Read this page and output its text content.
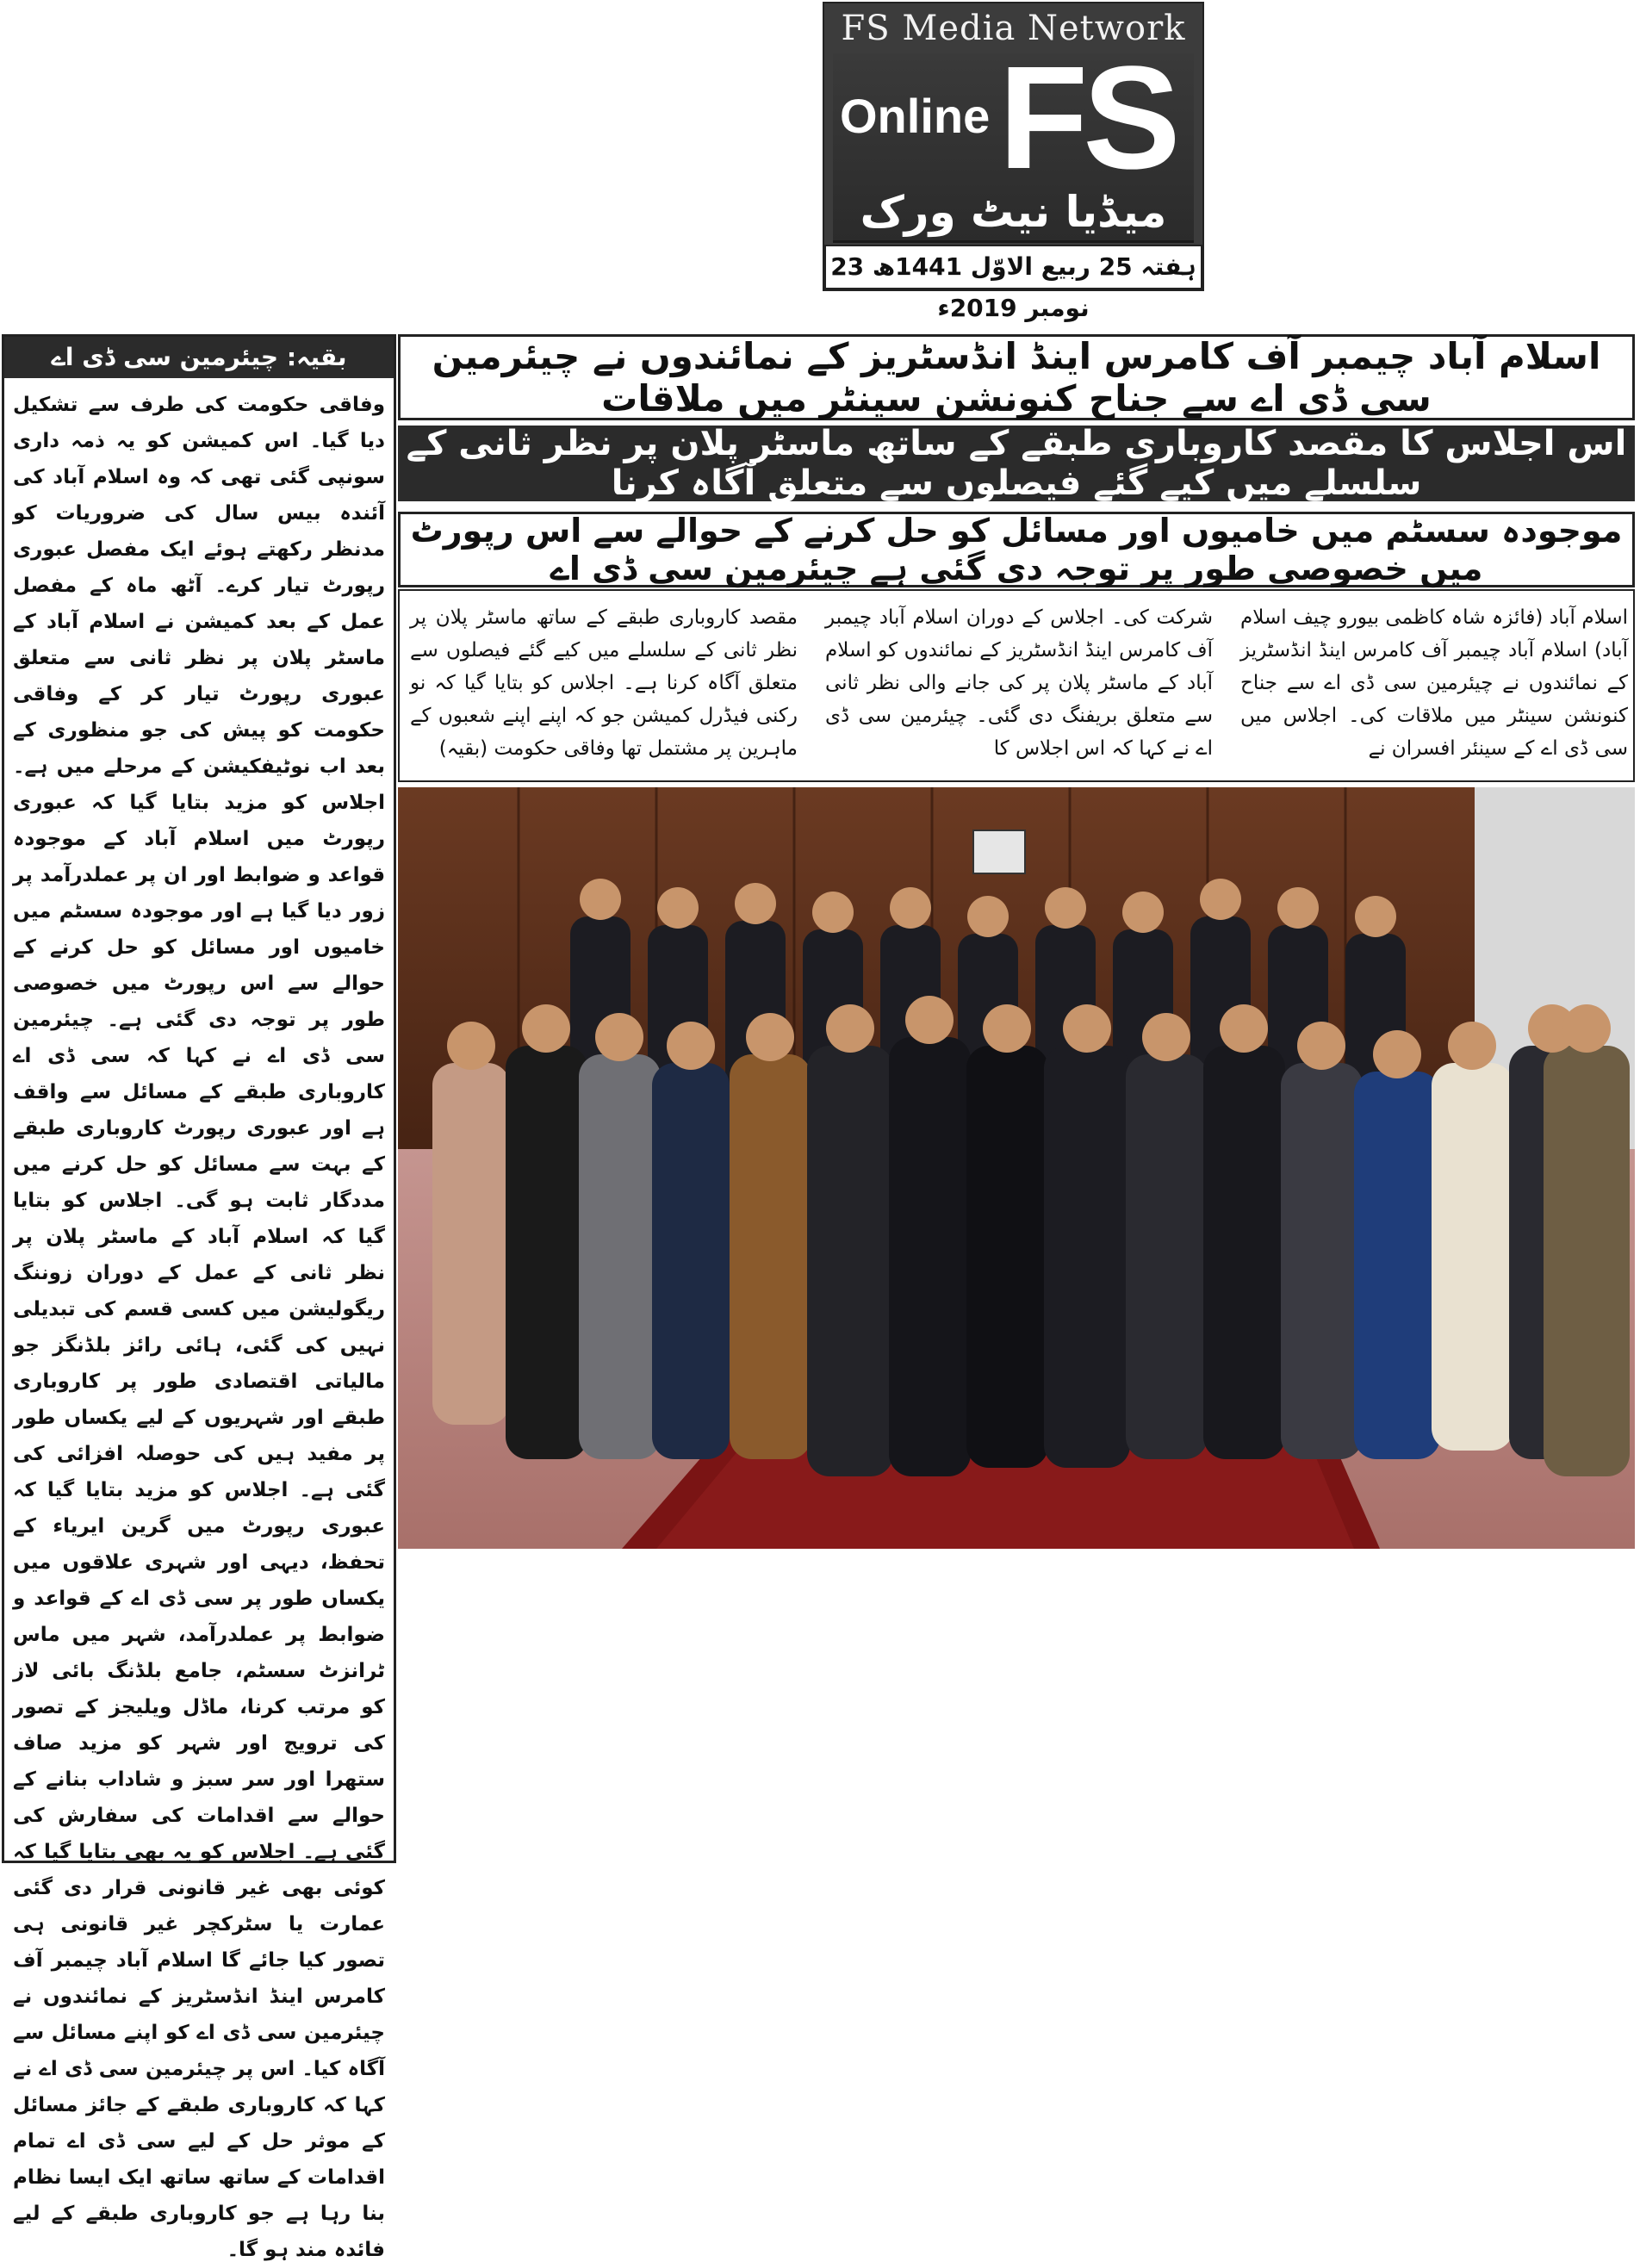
FS Media Network
Online FS
میڈیا نیٹ ورک
ہفتہ 25 ربیع الاوّل 1441ھ 23 نومبر 2019ء
اسلام آباد چیمبر آف کامرس اینڈ انڈسٹریز کے نمائندوں نے چیئرمین سی ڈی اے سے جناح کنونشن سینٹر میں ملاقات
اس اجلاس کا مقصد کاروباری طبقے کے ساتھ ماسٹر پلان پر نظر ثانی کے سلسلے میں کیے گئے فیصلوں سے متعلق آگاہ کرنا
موجودہ سسٹم میں خامیوں اور مسائل کو حل کرنے کے حوالے سے اس رپورٹ میں خصوصی طور پر توجہ دی گئی ہے چیئرمین سی ڈی اے
اسلام آباد (فائزہ شاہ کاظمی بیورو چیف اسلام آباد) اسلام آباد چیمبر آف کامرس اینڈ انڈسٹریز کے نمائندوں نے چیئرمین سی ڈی اے سے جناح کنونشن سینٹر میں ملاقات کی۔ اجلاس میں سی ڈی اے کے سینئر افسران نے
شرکت کی۔ اجلاس کے دوران اسلام آباد چیمبر آف کامرس اینڈ انڈسٹریز کے نمائندوں کو اسلام آباد کے ماسٹر پلان پر کی جانے والی نظر ثانی سے متعلق بریفنگ دی گئی۔ چیئرمین سی ڈی اے نے کہا کہ اس اجلاس کا
مقصد کاروباری طبقے کے ساتھ ماسٹر پلان پر نظر ثانی کے سلسلے میں کیے گئے فیصلوں سے متعلق آگاہ کرنا ہے۔ اجلاس کو بتایا گیا کہ نو رکنی فیڈرل کمیشن جو کہ اپنے اپنے شعبوں کے ماہرین پر مشتمل تھا وفاقی حکومت (بقیہ)
بقیہ: چیئرمین سی ڈی اے
وفاقی حکومت کی طرف سے تشکیل دیا گیا۔ اس کمیشن کو یہ ذمہ داری سونپی گئی تھی کہ وہ اسلام آباد کی آئندہ بیس سال کی ضروریات کو مدنظر رکھتے ہوئے ایک مفصل عبوری رپورٹ تیار کرے۔ آٹھ ماہ کے مفصل عمل کے بعد کمیشن نے اسلام آباد کے ماسٹر پلان پر نظر ثانی سے متعلق عبوری رپورٹ تیار کر کے وفاقی حکومت کو پیش کی جو منظوری کے بعد اب نوٹیفکیشن کے مرحلے میں ہے۔ اجلاس کو مزید بتایا گیا کہ عبوری رپورٹ میں اسلام آباد کے موجودہ قواعد و ضوابط اور ان پر عملدرآمد پر زور دیا گیا ہے اور موجودہ سسٹم میں خامیوں اور مسائل کو حل کرنے کے حوالے سے اس رپورٹ میں خصوصی طور پر توجہ دی گئی ہے۔ چیئرمین سی ڈی اے نے کہا کہ سی ڈی اے کاروباری طبقے کے مسائل سے واقف ہے اور عبوری رپورٹ کاروباری طبقے کے بہت سے مسائل کو حل کرنے میں مددگار ثابت ہو گی۔ اجلاس کو بتایا گیا کہ اسلام آباد کے ماسٹر پلان پر نظر ثانی کے عمل کے دوران زوننگ ریگولیشن میں کسی قسم کی تبدیلی نہیں کی گئی، ہائی رائز بلڈنگز جو مالیاتی اقتصادی طور پر کاروباری طبقے اور شہریوں کے لیے یکساں طور پر مفید ہیں کی حوصلہ افزائی کی گئی ہے۔ اجلاس کو مزید بتایا گیا کہ عبوری رپورٹ میں گرین ایریاء کے تحفظ، دیہی اور شہری علاقوں میں یکساں طور پر سی ڈی اے کے قواعد و ضوابط پر عملدرآمد، شہر میں ماس ٹرانزٹ سسٹم، جامع بلڈنگ بائی لاز کو مرتب کرنا، ماڈل ویلیجز کے تصور کی ترویج اور شہر کو مزید صاف ستھرا اور سر سبز و شاداب بنانے کے حوالے سے اقدامات کی سفارش کی گئی ہے۔ اجلاس کو یہ بھی بتایا گیا کہ کوئی بھی غیر قانونی قرار دی گئی عمارت یا سٹرکچر غیر قانونی ہی تصور کیا جائے گا اسلام آباد چیمبر آف کامرس اینڈ انڈسٹریز کے نمائندوں نے چیئرمین سی ڈی اے کو اپنے مسائل سے آگاہ کیا۔ اس پر چیئرمین سی ڈی اے نے کہا کہ کاروباری طبقے کے جائز مسائل کے موثر حل کے لیے سی ڈی اے تمام اقدامات کے ساتھ ساتھ ایک ایسا نظام بنا رہا ہے جو کاروباری طبقے کے لیے فائدہ مند ہو گا۔
